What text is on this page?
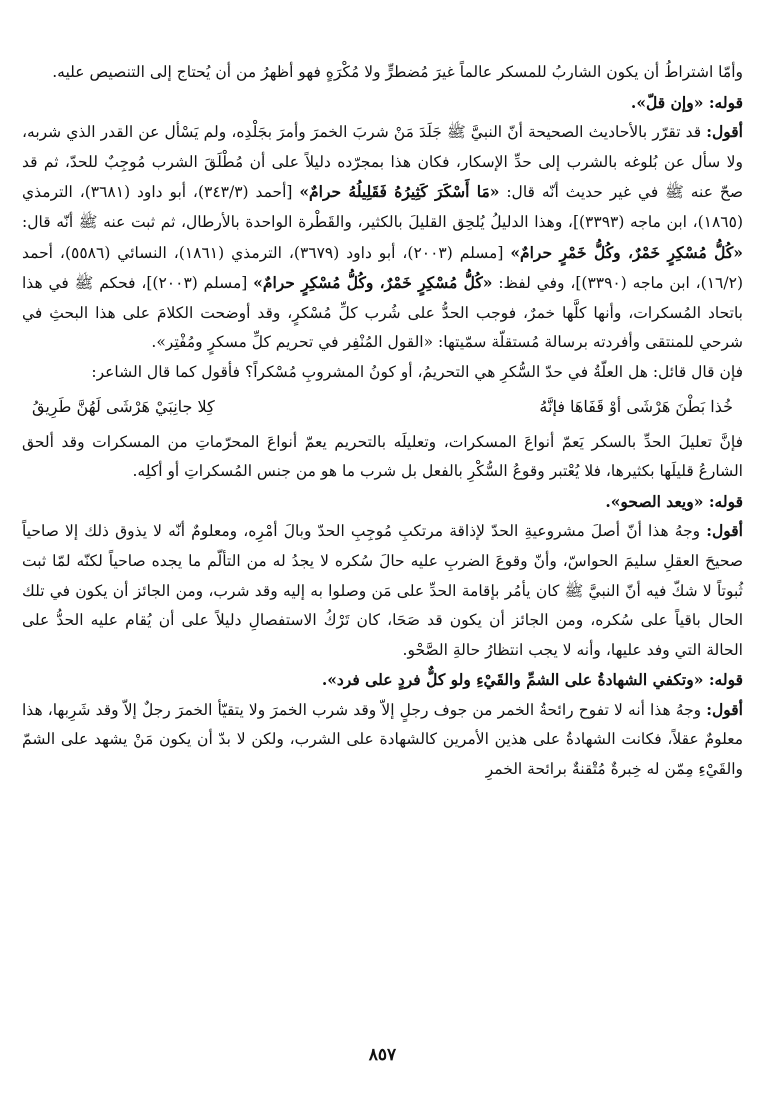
وأمّا اشتراطُ أن يكون الشاربُ للمسكر عالماً غيرَ مُضطرٍّ ولا مُكْرَهٍ فهو أظهرُ من أن يُحتاج إلى التنصيص عليه.

قوله: «وإن قلّ».

أقول: قد تقرّر بالأحاديث الصحيحة أنّ النبيَّ ﷺ جَلَدَ مَنْ شربَ الخمرَ وأمرَ بجَلْدِه، ولم يَسْأل عن القدر الذي شربه، ولا سأل عن بُلوغه بالشرب إلى حدِّ الإسكار، فكان هذا بمجرّده دليلاً على أن مُطْلَقَ الشرب مُوجِبٌ للحدّ، ثم قد صحّ عنه ﷺ في غير حديث أنّه قال: «مَا أَسْكَرَ كَثِيرُهُ فَقَلِيلُهُ حرامٌ» [أحمد (٣٤٣/٣)، أبو داود (٣٦٨١)، الترمذي (١٨٦٥)، ابن ماجه (٣٣٩٣)]، وهذا الدليلُ يُلحِق القليلَ بالكثير، والقَطْرة الواحدة بالأرطال، ثم ثبت عنه ﷺ أنّه قال: «كُلُّ مُسْكِرٍ خَمْرٌ، وكُلُّ خَمْرٍ حرامٌ» [مسلم (٢٠٠٣)، أبو داود (٣٦٧٩)، الترمذي (١٨٦١)، النسائي (٥٥٨٦)، أحمد (١٦/٢)، ابن ماجه (٣٣٩٠)]، وفي لفظ: «كُلُّ مُسْكِرٍ خَمْرٌ، وكُلُّ مُسْكِرٍ حرامٌ» [مسلم (٢٠٠٣)]، فحكم ﷺ في هذا باتحاد المُسكرات، وأنها كلَّها خمرٌ، فوجب الحدُّ على شُرب كلِّ مُسْكرٍ، وقد أوضحت الكلامَ على هذا البحثِ في شرحي للمنتقى وأفردته برسالة مُستقلّة سمّيتها: «القول المُنْفِر في تحريم كلِّ مسكرٍ ومُفْتِر».

فإن قال قائل: هل العلّةُ في حدّ السُّكرِ هي التحريمُ، أو كونُ المشروبِ مُسْكراً؟ فأقول كما قال الشاعر:

خُذا بَطْنَ هَرْشَى أوْ قَفَاهَا فإنَّهُ
كِلا جانِبَيْ هَرْشَى لَهُنَّ طَرِيقُ

فإنَّ تعليلَ الحدِّ بالسكر يَعمّ أنواعَ المسكرات، وتعليلَه بالتحريم يعمّ أنواعَ المحرّماتِ من المسكرات وقد ألحق الشارعُ قليلَها بكثيرها، فلا يُعْتبر وقوعُ السُّكْرِ بالفعل بل شرب ما هو من جنس المُسكراتِ أو أكلِه.

قوله: «ويعد الصحو».

أقول: وجهُ هذا أنّ أصلَ مشروعيةِ الحدّ لإذاقة مرتكبِ مُوجِبِ الحدّ وبالَ أمْرِه، ومعلومٌ أنّه لا يذوق ذلك إلا صاحياً صحيحَ العقلِ سليمَ الحواسّ، وأنّ وقوعَ الضربِ عليه حالَ سُكره لا يجدُ له من التألّم ما يجده صاحياً لكنّه لمّا ثبت ثُبوتاً لا شكّ فيه أنّ النبيَّ ﷺ كان يأمُر بإقامة الحدِّ على مَن وصلوا به إليه وقد شرب، ومن الجائز أن يكون في تلك الحال باقياً على سُكره، ومن الجائز أن يكون قد صَحَا، كان تَرْكُ الاستفصالِ دليلاً على أن يُقام عليه الحدُّ على الحالة التي وفد عليها، وأنه لا يجب انتظارُ حالةِ الصَّحْو.

قوله: «وتكفي الشهادةُ على الشمِّ والقَيْءِ ولو كلٌّ فردٍ على فرد».

أقول: وجهُ هذا أنه لا تفوح رائحةُ الخمر من جوف رجلٍ إلاّ وقد شرب الخمرَ ولا يتقيّأ الخمرَ رجلٌ إلاّ وقد شَرِبها، هذا معلومٌ عقلاً، فكانت الشهادةُ على هذين الأمرين كالشهادة على الشرب، ولكن لا بدّ أن يكون مَنْ يشهد على الشمّ والقَيْءِ مِمّن له خِبرةٌ مُتْقنةٌ برائحة الخمرِ

٨٥٧
